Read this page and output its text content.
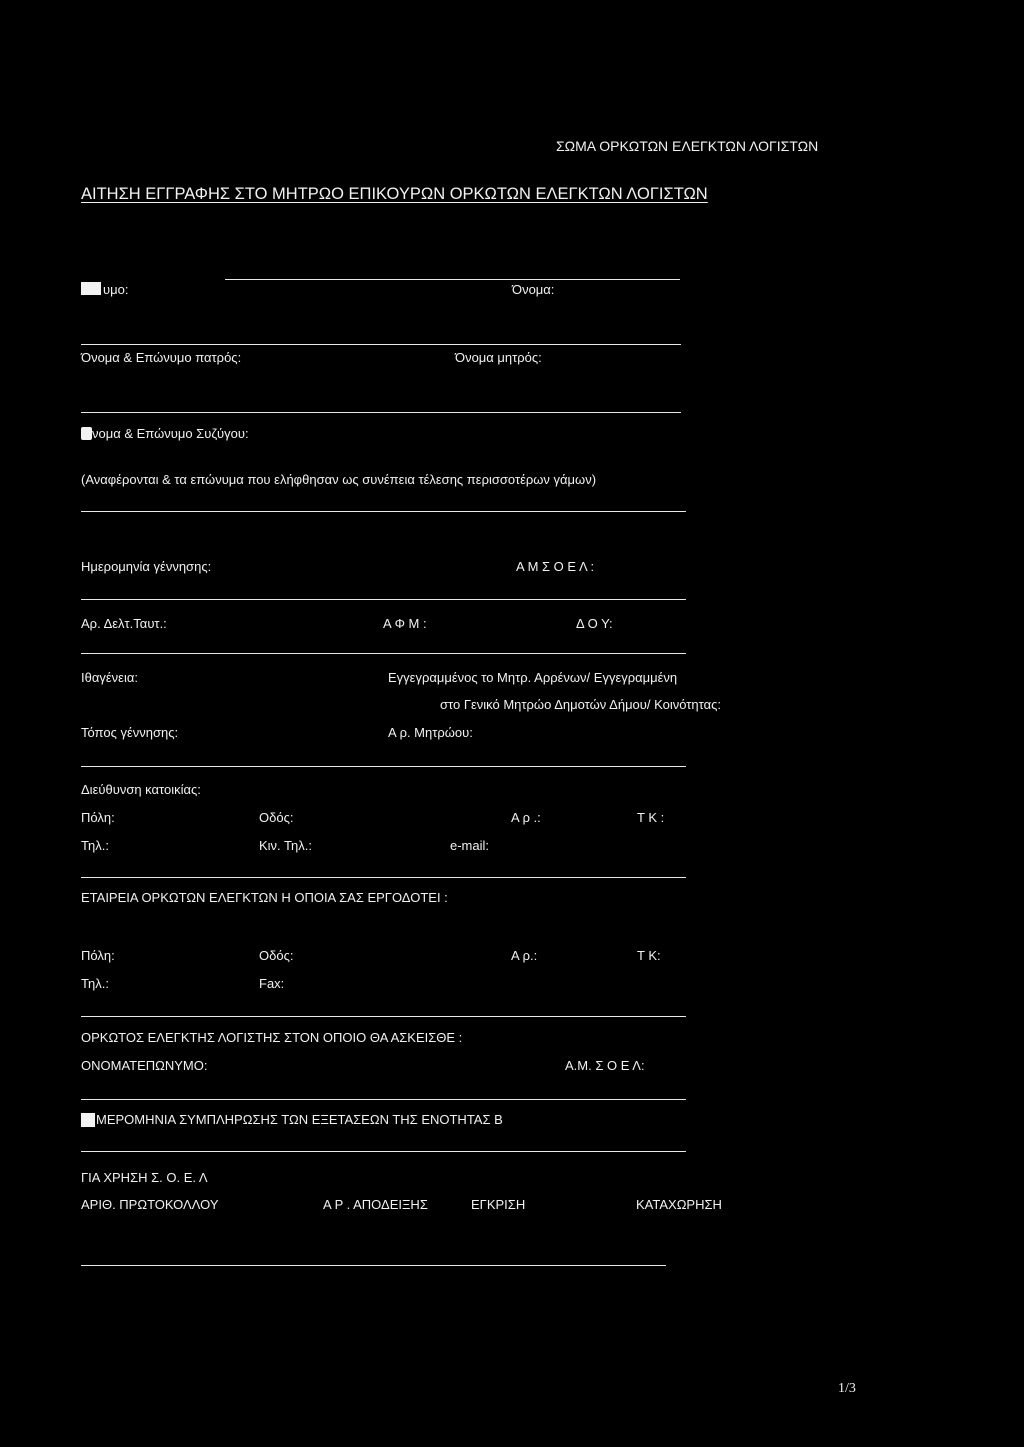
ΣΩΜΑ ΟΡΚΩΤΩΝ ΕΛΕΓΚΤΩΝ ΛΟΓΙΣΤΩΝ
ΑΙΤΗΣΗ ΕΓΓΡΑΦΗΣ ΣΤΟ ΜΗΤΡΩΟ ΕΠΙΚΟΥΡΩΝ ΟΡΚΩΤΩΝ ΕΛΕΓΚΤΩΝ ΛΟΓΙΣΤΩΝ
υμο:	Όνομα:
Όνομα & Επώνυμο πατρός:	Όνομα μητρός:
νομα & Επώνυμο Συζύγου:
(Αναφέρονται & τα επώνυμα που ελήφθησαν ως συνέπεια τέλεσης περισσοτέρων γάμων)
Ημερομηνία γέννησης:	Α Μ Σ Ο Ε Λ :
Αρ. Δελτ.Ταυτ.:	Α Φ Μ :	Δ Ο Υ:
Ιθαγένεια:	Εγγεγραμμένος το Μητρ. Αρρένων/ Εγγεγραμμένη
στο Γενικό Μητρώο Δημοτών Δήμου/ Κοινότητας:
Τόπος γέννησης:	Α ρ. Μητρώου:
Διεύθυνση κατοικίας:
Πόλη:	Οδός:	Α ρ .:	Τ Κ :
Τηλ.:	Κιν. Τηλ.:	e-mail:
ΕΤΑΙΡΕΙΑ ΟΡΚΩΤΩΝ ΕΛΕΓΚΤΩΝ Η ΟΠΟΙΑ ΣΑΣ ΕΡΓΟΔΟΤΕΙ :
Πόλη:	Οδός:	Α ρ.:	Τ Κ:
Τηλ.:	Fax:
ΟΡΚΩΤΟΣ ΕΛΕΓΚΤΗΣ ΛΟΓΙΣΤΗΣ ΣΤΟΝ ΟΠΟΙΟ ΘΑ ΑΣΚΕΙΣΘΕ :
ΟΝΟΜΑΤΕΠΩΝΥΜΟ:	Α.Μ. Σ Ο Ε Λ:
ΜΕΡΟΜΗΝΙΑ ΣΥΜΠΛΗΡΩΣΗΣ ΤΩΝ ΕΞΕΤΑΣΕΩΝ ΤΗΣ ΕΝΟΤΗΤΑΣ Β
ΓΙΑ ΧΡΗΣΗ Σ. Ο. Ε. Λ
ΑΡΙΘ. ΠΡΩΤΟΚΟΛΛΟΥ	Α Ρ . ΑΠΟΔΕΙΞΗΣ	ΕΓΚΡΙΣΗ	ΚΑΤΑΧΩΡΗΣΗ
1/3
